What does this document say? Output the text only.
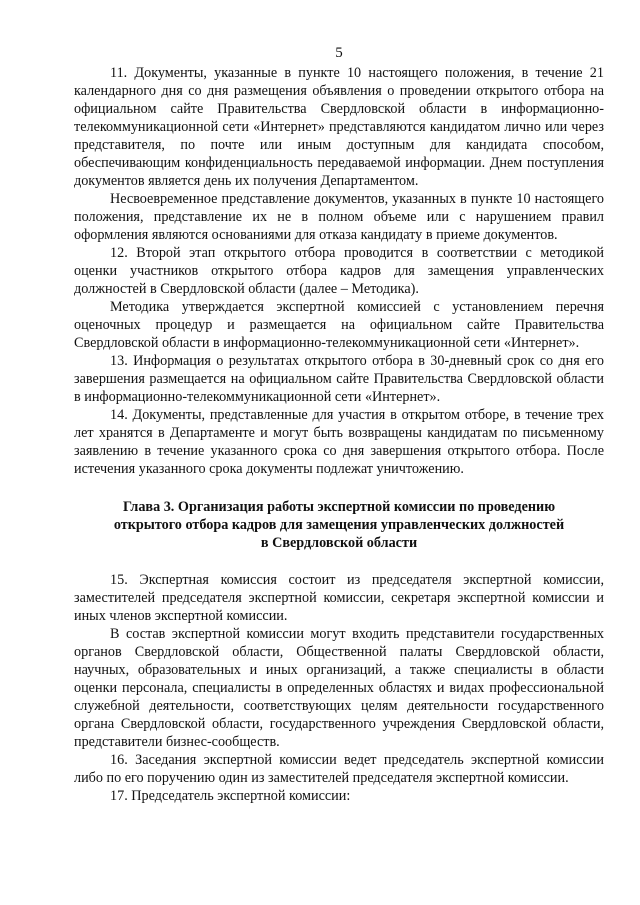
5

11. Документы, указанные в пункте 10 настоящего положения, в течение 21 календарного дня со дня размещения объявления о проведении открытого отбора на официальном сайте Правительства Свердловской области в информационно-телекоммуникационной сети «Интернет» представляются кандидатом лично или через представителя, по почте или иным доступным для кандидата способом, обеспечивающим конфиденциальность передаваемой информации. Днем поступления документов является день их получения Департаментом.

Несвоевременное представление документов, указанных в пункте 10 настоящего положения, представление их не в полном объеме или с нарушением правил оформления являются основаниями для отказа кандидату в приеме документов.

12. Второй этап открытого отбора проводится в соответствии с методикой оценки участников открытого отбора кадров для замещения управленческих должностей в Свердловской области (далее – Методика).

Методика утверждается экспертной комиссией с установлением перечня оценочных процедур и размещается на официальном сайте Правительства Свердловской области в информационно-телекоммуникационной сети «Интернет».

13. Информация о результатах открытого отбора в 30-дневный срок со дня его завершения размещается на официальном сайте Правительства Свердловской области в информационно-телекоммуникационной сети «Интернет».

14. Документы, представленные для участия в открытом отборе, в течение трех лет хранятся в Департаменте и могут быть возвращены кандидатам по письменному заявлению в течение указанного срока со дня завершения открытого отбора. После истечения указанного срока документы подлежат уничтожению.

Глава 3. Организация работы экспертной комиссии по проведению
открытого отбора кадров для замещения управленческих должностей
в Свердловской области

15. Экспертная комиссия состоит из председателя экспертной комиссии, заместителей председателя экспертной комиссии, секретаря экспертной комиссии и иных членов экспертной комиссии.

В состав экспертной комиссии могут входить представители государственных органов Свердловской области, Общественной палаты Свердловской области, научных, образовательных и иных организаций, а также специалисты в области оценки персонала, специалисты в определенных областях и видах профессиональной служебной деятельности, соответствующих целям деятельности государственного органа Свердловской области, государственного учреждения Свердловской области, представители бизнес-сообществ.

16. Заседания экспертной комиссии ведет председатель экспертной комиссии либо по его поручению один из заместителей председателя экспертной комиссии.

17. Председатель экспертной комиссии:
